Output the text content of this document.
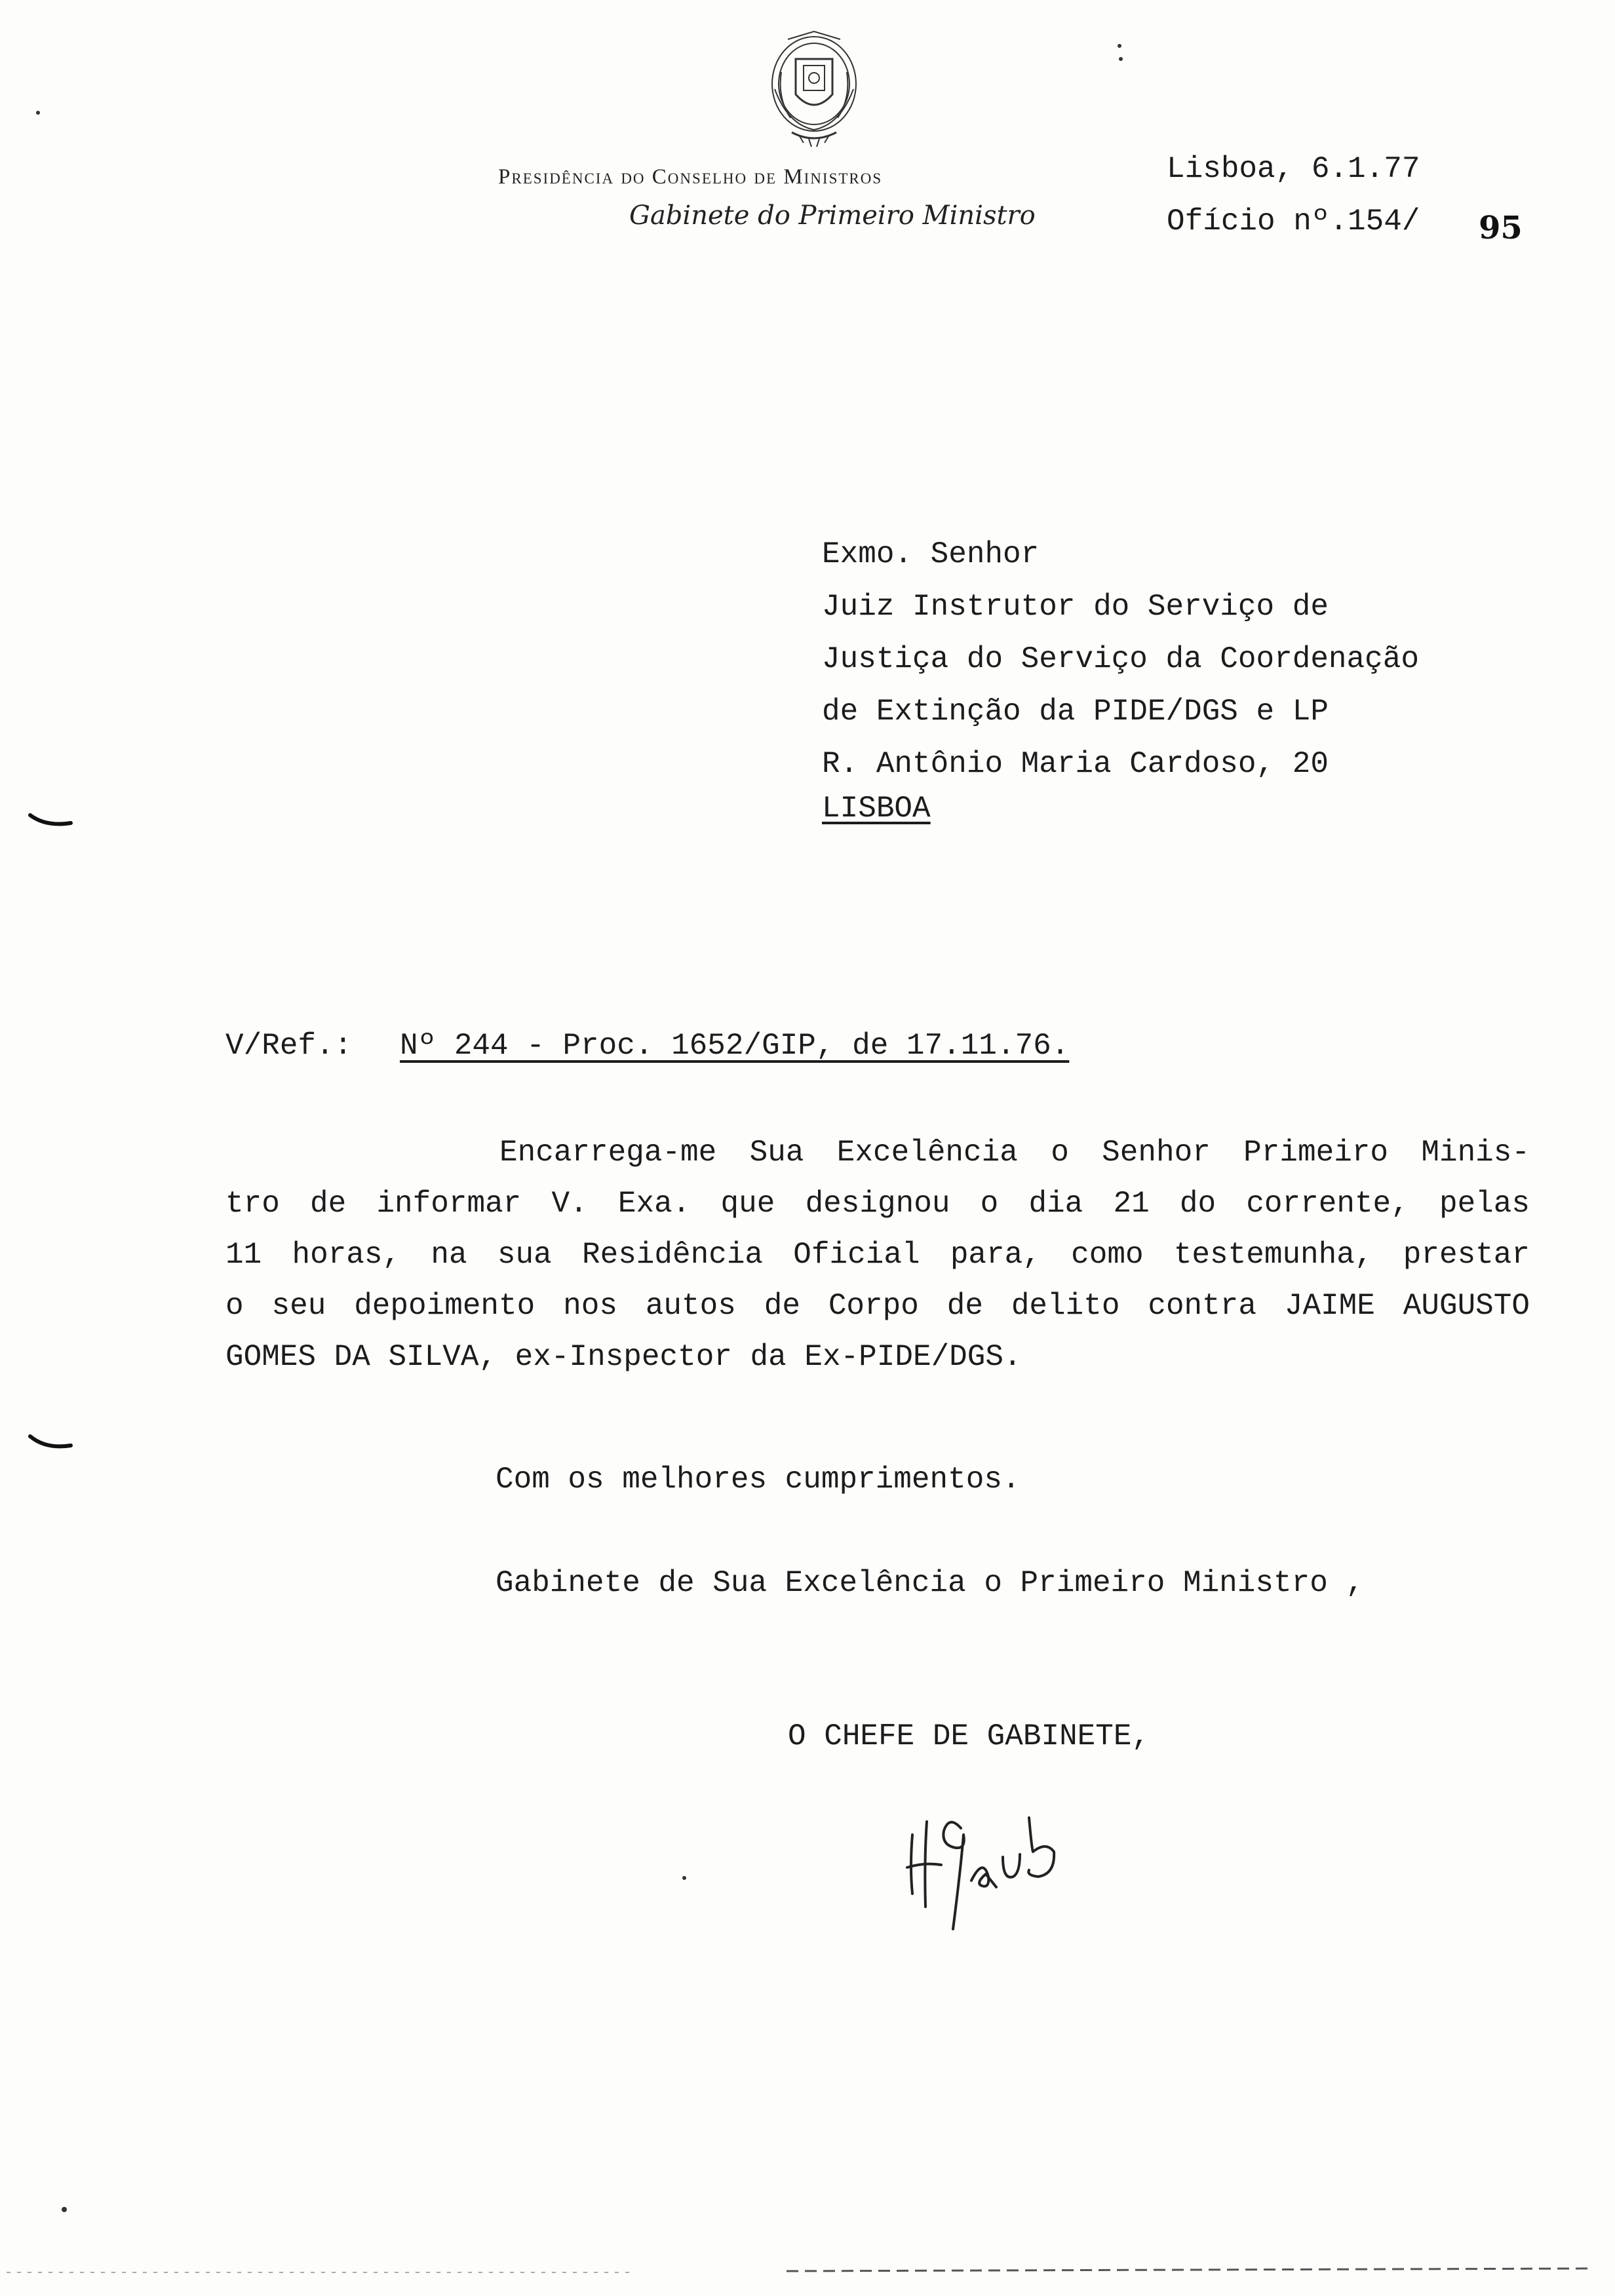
Presidência do Conselho de Ministros
Gabinete do Primeiro Ministro
Lisboa, 6.1.77
Ofício nº.154/ 95
Exmo. Senhor
Juiz Instrutor do Serviço de
Justiça do Serviço da Coordenação
de Extinção da PIDE/DGS e LP
R. Antônio Maria Cardoso, 20
LISBOA
V/Ref.: Nº 244 - Proc. 1652/GIP, de 17.11.76.
Encarrega-me Sua Excelência o Senhor Primeiro Minis-
tro de informar V. Exa. que designou o dia 21 do corrente, pelas
11 horas, na sua Residência Oficial para, como testemunha, prestar
o seu depoimento nos autos de Corpo de delito contra JAIME AUGUSTO
GOMES DA SILVA, ex-Inspector da Ex-PIDE/DGS.
Com os melhores cumprimentos.
Gabinete de Sua Excelência o Primeiro Ministro ,
O CHEFE DE GABINETE,
